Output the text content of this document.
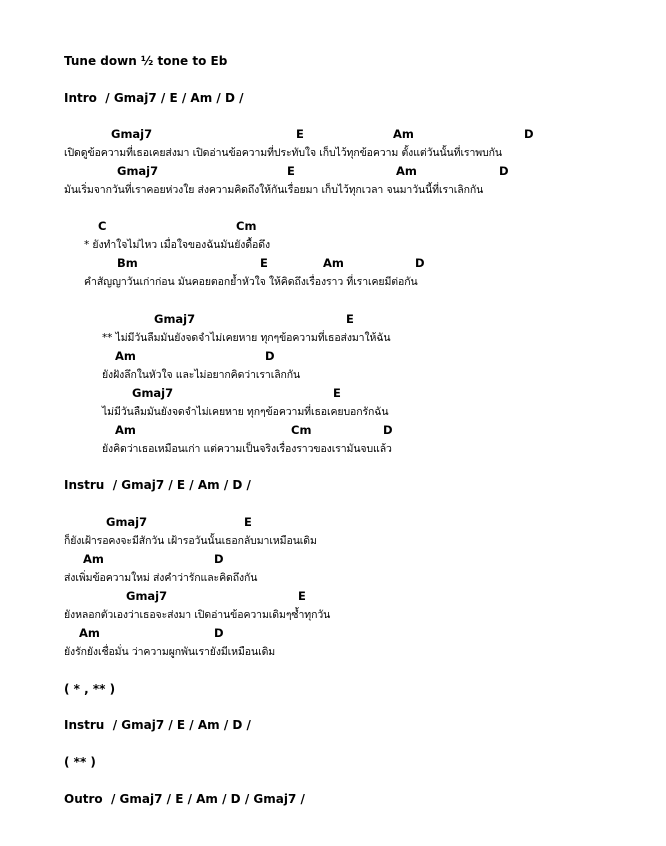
Tune down ½ tone to Eb
Intro  / Gmaj7 / E / Am / D /
Gmaj7	E	Am	D
เปิดดูข้อความที่เธอเคยส่งมา เปิดอ่านข้อความที่ประทับใจ เก็บไว้ทุกข้อความ ตั้งแต่วันนั้นที่เราพบกัน
Gmaj7	E	Am	D
มันเริ่มจากวันที่เราคอยห่วงใย ส่งความคิดถึงให้กันเรื่อยมา เก็บไว้ทุกเวลา จนมาวันนี้ที่เราเลิกกัน
C	Cm
* ยังทำใจไม่ไหว เมื่อใจของฉันมันยังดื้อดึง
Bm	E	Am	D
คำสัญญาวันเก่าก่อน มันคอยตอกย้ำหัวใจ ให้คิดถึงเรื่องราว ที่เราเคยมีต่อกัน
Gmaj7	E
** ไม่มีวันลืมมันยังจดจำไม่เคยหาย ทุกๆข้อความที่เธอส่งมาให้ฉัน
Am	D
ยังฝังลึกในหัวใจ และไม่อยากคิดว่าเราเลิกกัน
Gmaj7	E
ไม่มีวันลืมมันยังจดจำไม่เคยหาย ทุกๆข้อความที่เธอเคยบอกรักฉัน
Am	Cm	D
ยังคิดว่าเธอเหมือนเก่า แต่ความเป็นจริงเรื่องราวของเรามันจบแล้ว
Instru  / Gmaj7 / E / Am / D /
Gmaj7	E
ก็ยังเฝ้ารอคงจะมีสักวัน เฝ้ารอวันนั้นเธอกลับมาเหมือนเดิม
Am	D
ส่งเพิ่มข้อความใหม่ ส่งคำว่ารักและคิดถึงกัน
Gmaj7	E
ยังหลอกตัวเองว่าเธอจะส่งมา เปิดอ่านข้อความเดิมๆซ้ำทุกวัน
Am	D
ยังรักยังเชื่อมั่น ว่าความผูกพันเรายังมีเหมือนเดิม
( * , ** )
Instru  / Gmaj7 / E / Am / D /
( ** )
Outro  / Gmaj7 / E / Am / D / Gmaj7 /
